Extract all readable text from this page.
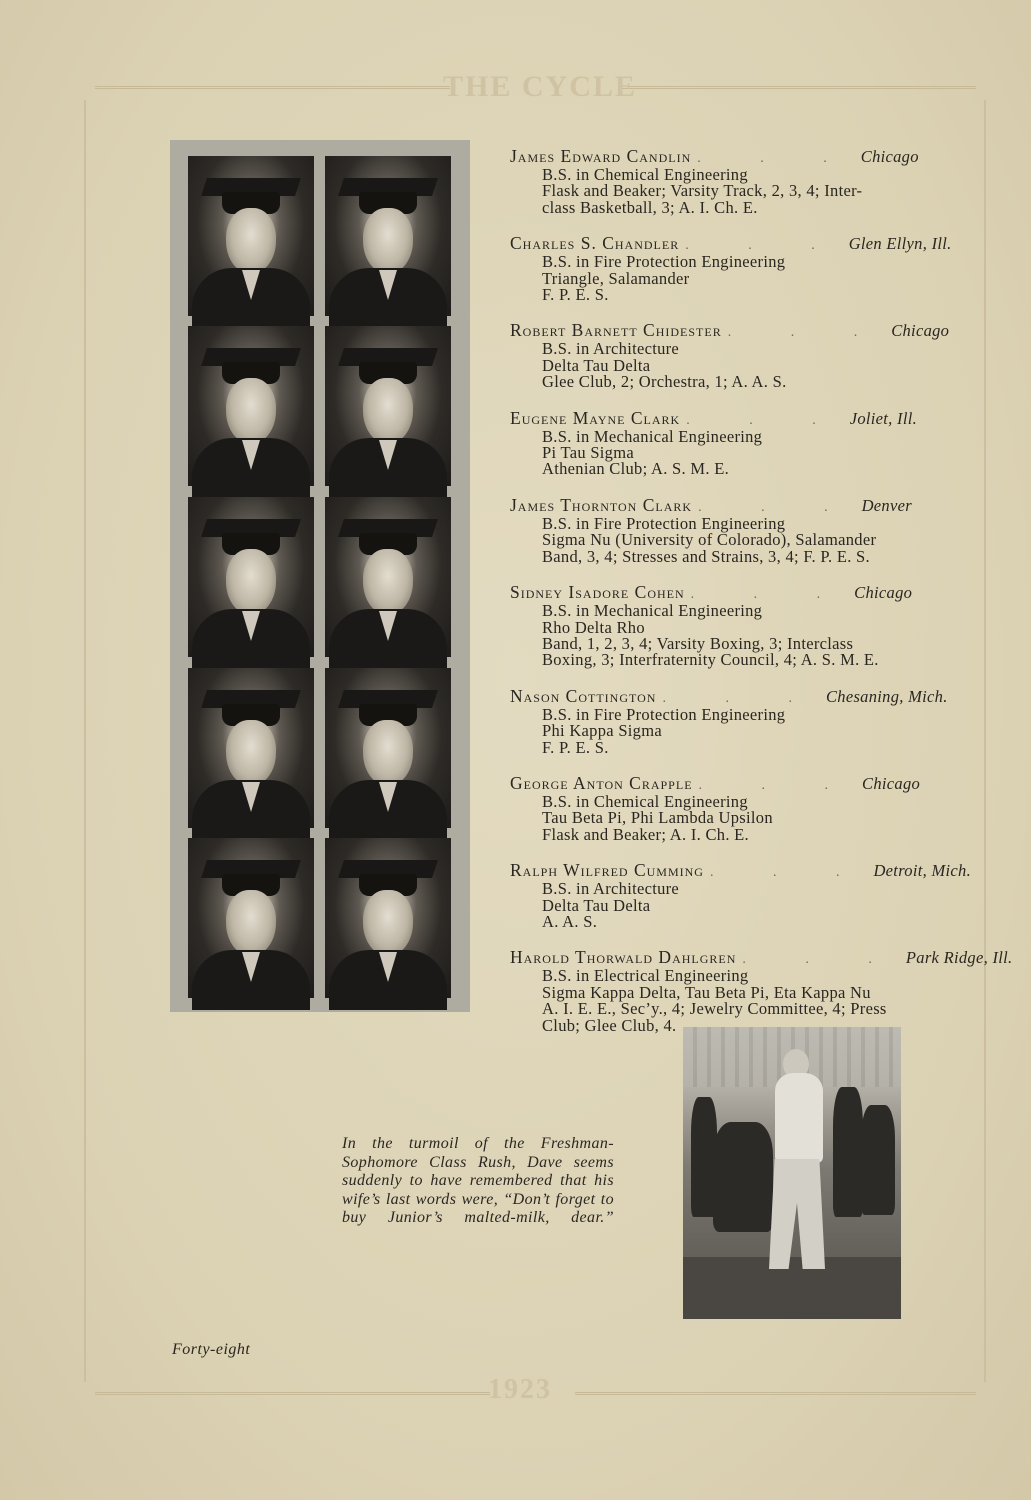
THE CYCLE
1923
James Edward Candlin . . . Chicago
B.S. in Chemical Engineering
Flask and Beaker; Varsity Track, 2, 3, 4; Inter-
class Basketball, 3; A. I. Ch. E.
Charles S. Chandler . . . Glen Ellyn, Ill.
B.S. in Fire Protection Engineering
Triangle, Salamander
F. P. E. S.
Robert Barnett Chidester . . . Chicago
B.S. in Architecture
Delta Tau Delta
Glee Club, 2; Orchestra, 1; A. A. S.
Eugene Mayne Clark . . . Joliet, Ill.
B.S. in Mechanical Engineering
Pi Tau Sigma
Athenian Club; A. S. M. E.
James Thornton Clark . . . Denver
B.S. in Fire Protection Engineering
Sigma Nu (University of Colorado), Salamander
Band, 3, 4; Stresses and Strains, 3, 4; F. P. E. S.
Sidney Isadore Cohen . . . Chicago
B.S. in Mechanical Engineering
Rho Delta Rho
Band, 1, 2, 3, 4; Varsity Boxing, 3; Interclass
Boxing, 3; Interfraternity Council, 4; A. S. M. E.
Nason Cottington . . . Chesaning, Mich.
B.S. in Fire Protection Engineering
Phi Kappa Sigma
F. P. E. S.
George Anton Crapple . . . Chicago
B.S. in Chemical Engineering
Tau Beta Pi, Phi Lambda Upsilon
Flask and Beaker; A. I. Ch. E.
Ralph Wilfred Cumming . . . Detroit, Mich.
B.S. in Architecture
Delta Tau Delta
A. A. S.
Harold Thorwald Dahlgren . . . Park Ridge, Ill.
B.S. in Electrical Engineering
Sigma Kappa Delta, Tau Beta Pi, Eta Kappa Nu
A. I. E. E., Sec’y., 4; Jewelry Committee, 4; Press
Club; Glee Club, 4.
In the turmoil of the Freshman-Sophomore Class Rush, Dave seems suddenly to have remembered that his wife’s last words were, “Don’t forget to buy Junior’s malted-milk, dear.”
Forty-eight
